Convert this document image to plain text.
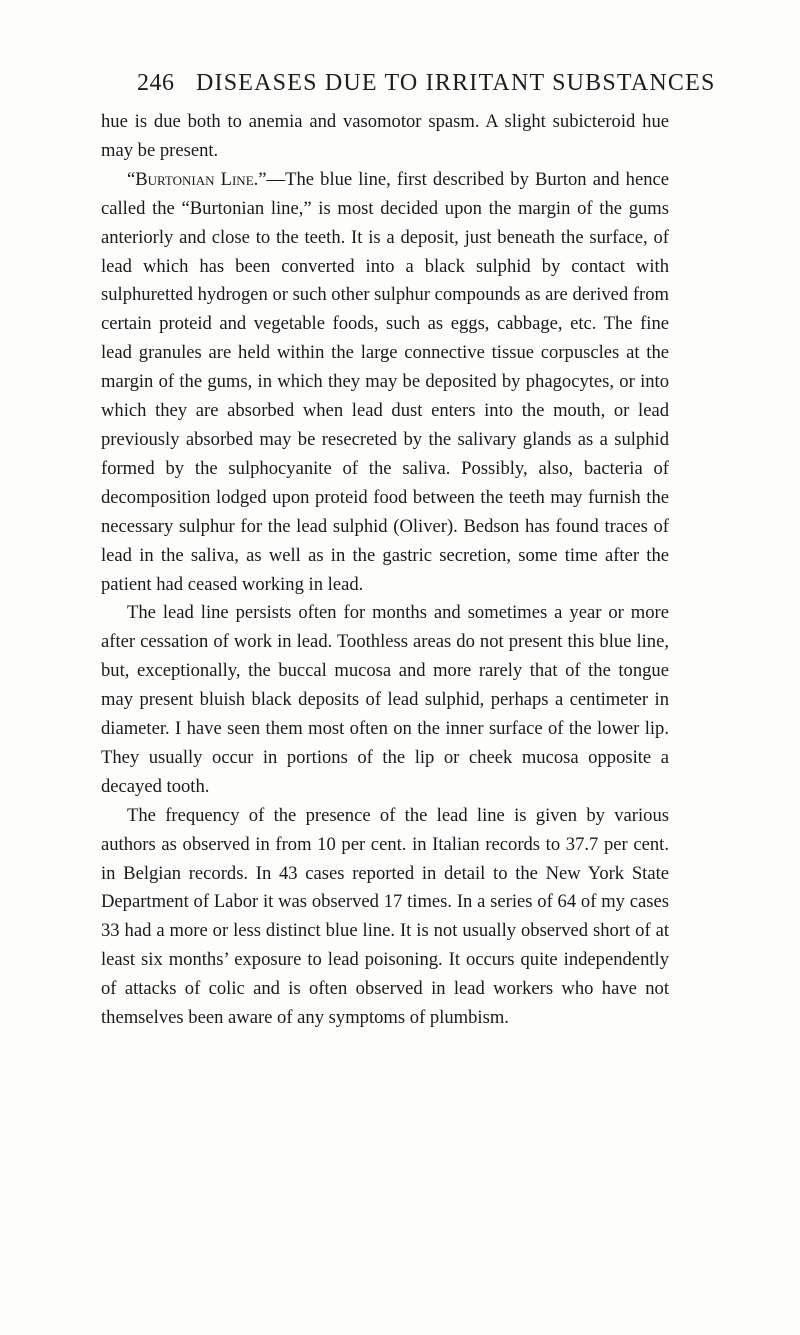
246 DISEASES DUE TO IRRITANT SUBSTANCES

hue is due both to anemia and vasomotor spasm. A slight subicteroid hue may be present.

“Burtonian Line.”—The blue line, first described by Burton and hence called the “Burtonian line,” is most decided upon the margin of the gums anteriorly and close to the teeth. It is a deposit, just beneath the surface, of lead which has been converted into a black sulphid by contact with sulphuretted hydrogen or such other sulphur compounds as are derived from certain proteid and vegetable foods, such as eggs, cabbage, etc. The fine lead granules are held within the large connective tissue corpuscles at the margin of the gums, in which they may be deposited by phagocytes, or into which they are absorbed when lead dust enters into the mouth, or lead previously absorbed may be resecreted by the salivary glands as a sulphid formed by the sulphocyanite of the saliva. Possibly, also, bacteria of decomposition lodged upon proteid food between the teeth may furnish the necessary sulphur for the lead sulphid (Oliver). Bedson has found traces of lead in the saliva, as well as in the gastric secretion, some time after the patient had ceased working in lead.

The lead line persists often for months and sometimes a year or more after cessation of work in lead. Toothless areas do not present this blue line, but, exceptionally, the buccal mucosa and more rarely that of the tongue may present bluish black deposits of lead sulphid, perhaps a centimeter in diameter. I have seen them most often on the inner surface of the lower lip. They usually occur in portions of the lip or cheek mucosa opposite a decayed tooth.

The frequency of the presence of the lead line is given by various authors as observed in from 10 per cent. in Italian records to 37.7 per cent. in Belgian records. In 43 cases reported in detail to the New York State Department of Labor it was observed 17 times. In a series of 64 of my cases 33 had a more or less distinct blue line. It is not usually observed short of at least six months’ exposure to lead poisoning. It occurs quite independently of attacks of colic and is often observed in lead workers who have not themselves been aware of any symptoms of plumbism.
